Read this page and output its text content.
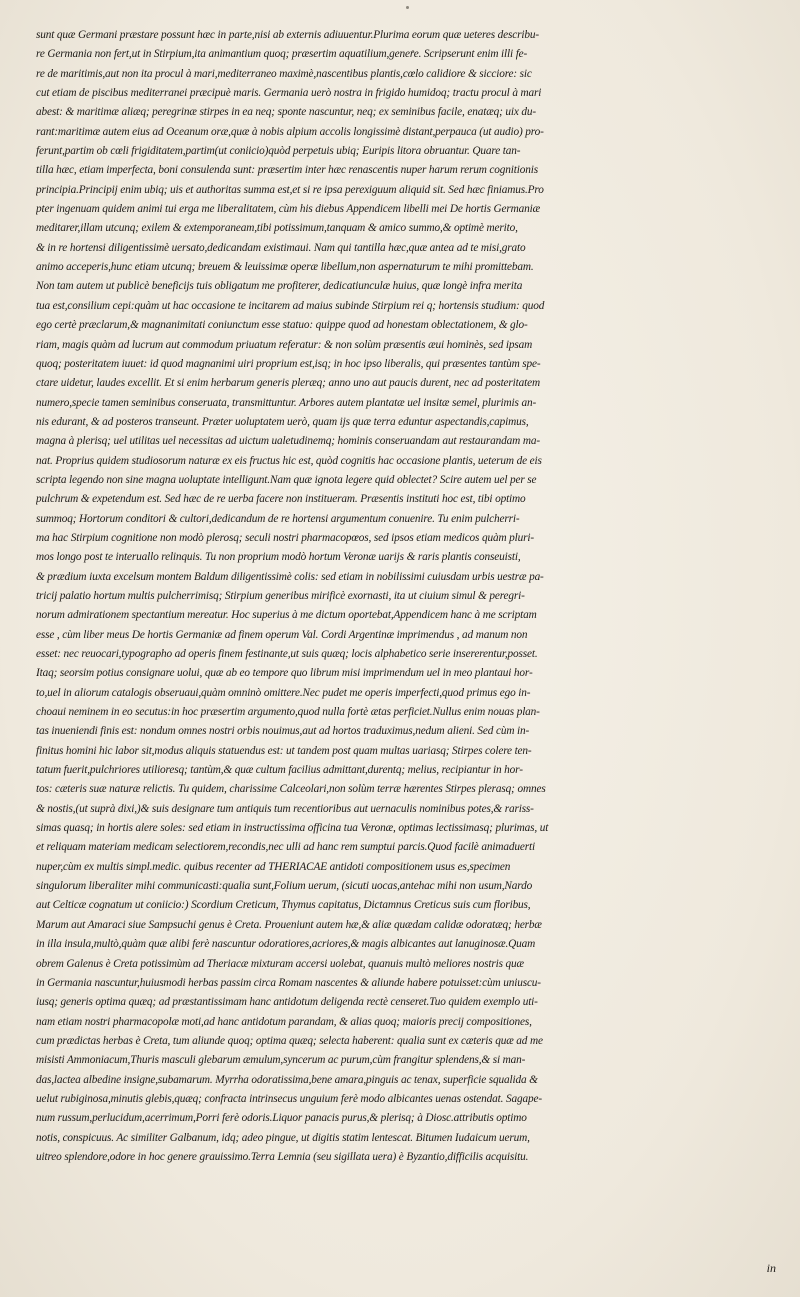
sunt quæ Germani præstare possunt hæc in parte,nisi ab externis adiuuentur.Plurima eorum quæ ueteres describu-
re Germania non fert,ut in Stirpium,ita animantium quoq; præsertim aquatilium,genere. Scripserunt enim illi fe-
re de maritimis,aut non ita procul à mari,mediterraneo maximè,nascentibus plantis,cœlo calidiore & sicciore: sic
cut etiam de piscibus mediterranei præcipuè maris. Germania uerò nostra in frigido humidoq; tractu procul à mari
abest: & maritimæ aliæq; peregrinæ stirpes in ea neq; sponte nascuntur, neq; ex seminibus facile, enatæq; uix du-
rant:maritimæ autem eius ad Oceanum oræ,quæ à nobis alpium accolis longissimè distant,perpauca (ut audio) pro-
ferunt,partim ob cœli frigiditatem,partim(ut coniicio)quòd perpetuis ubiq; Euripis litora obruantur. Quare tan-
tilla hæc, etiam imperfecta, boni consulenda sunt: præsertim inter hæc renascentis nuper harum rerum cognitionis
principia.Principij enim ubiq; uis et authoritas summa est,et si re ipsa perexiguum aliquid sit. Sed hæc finiamus.Pro
pter ingenuam quidem animi tui erga me liberalitatem, cùm his diebus Appendicem libelli mei De hortis Germaniæ
meditarer,illam utcunq; exilem & extemporaneam,tibi potissimum,tanquam & amico summo,& optimè merito,
& in re hortensi diligentissimè uersato,dedicandam existimaui. Nam qui tantilla hæc,quæ antea ad te misi,grato
animo acceperis,hunc etiam utcunq; breuem & leuissimæ operæ libellum,non aspernaturum te mihi promittebam.
Non tam autem ut publicè beneficijs tuis obligatum me profiterer, dedicatiunculæ huius, quæ longè infra merita
tua est,consilium cepi:quàm ut hac occasione te incitarem ad maius subinde Stirpium rei q; hortensis studium: quod
ego certè præclarum,& magnanimitati coniunctum esse statuo: quippe quod ad honestam oblectationem, & glo-
riam, magis quàm ad lucrum aut commodum priuatum referatur: & non solùm præsentis æui hominès, sed ipsam
quoq; posteritatem iuuet: id quod magnanimi uiri proprium est,isq; in hoc ipso liberalis, qui præsentes tantùm spe-
ctare uidetur, laudes excellit. Et si enim herbarum generis pleræq; anno uno aut paucis durent, nec ad posteritatem
numero,specie tamen seminibus conseruata, transmittuntur. Arbores autem plantatæ uel insitæ semel, plurimis an-
nis edurant, & ad posteros transeunt. Præter uoluptatem uerò, quam ijs quæ terra eduntur aspectandis,capimus,
magna à plerisq; uel utilitas uel necessitas ad uictum ualetudinemq; hominis conseruandam aut restaurandam ma-
nat. Proprius quidem studiosorum naturæ ex eis fructus hic est, quòd cognitis hac occasione plantis, ueterum de eis
scripta legendo non sine magna uoluptate intelligunt.Nam quæ ignota legere quid oblectet? Scire autem uel per se
pulchrum & expetendum est. Sed hæc de re uerba facere non institueram. Præsentis instituti hoc est, tibi optimo
summoq; Hortorum conditori & cultori,dedicandum de re hortensi argumentum conuenire. Tu enim pulcherri-
ma hac Stirpium cognitione non modò plerosq; seculi nostri pharmacopœos, sed ipsos etiam medicos quàm pluri-
mos longo post te interuallo relinquis. Tu non proprium modò hortum Veronæ uarijs & raris plantis conseuisti,
& prædium iuxta excelsum montem Baldum diligentissimè colis: sed etiam in nobilissimi cuiusdam urbis uestræ pa-
tricij palatio hortum multis pulcherrimisq; Stirpium generibus mirificè exornasti, ita ut ciuium simul & peregri-
norum admirationem spectantium mereatur. Hoc superius à me dictum oportebat,Appendicem hanc à me scriptam
esse , cùm liber meus De hortis Germaniæ ad finem operum Val. Cordi Argentinæ imprimendus , ad manum non
esset: nec reuocari,typographo ad operis finem festinante,ut suis quæq; locis alphabetico serie insererentur,posset.
Itaq; seorsim potius consignare uolui, quæ ab eo tempore quo librum misi imprimendum uel in meo plantaui hor-
to,uel in aliorum catalogis obseruaui,quàm omninò omittere.Nec pudet me operis imperfecti,quod primus ego in-
choaui neminem in eo secutus:in hoc præsertim argumento,quod nulla fortè ætas perficiet.Nullus enim nouas plan-
tas inueniendi finis est: nondum omnes nostri orbis nouimus,aut ad hortos traduximus,nedum alieni. Sed cùm in-
finitus homini hic labor sit,modus aliquis statuendus est: ut tandem post quam multas uariasq; Stirpes colere ten-
tatum fuerit,pulchriores utilioresq; tantùm,& quæ cultum facilius admittant,durentq; melius, recipiantur in hor-
tos: cæteris suæ naturæ relictis. Tu quidem, charissime Calceolari,non solùm terræ hærentes Stirpes plerasq; omnes
& nostis,(ut suprà dixi,)& suis designare tum antiquis tum recentioribus aut uernaculis nominibus potes,& rariss-
simas quasq; in hortis alere soles: sed etiam in instructissima officina tua Veronæ, optimas lectissimasq; plurimas, ut
et reliquam materiam medicam selectiorem,recondis,nec ulli ad hanc rem sumptui parcis.Quod facilè animaduerti
nuper,cùm ex multis simpl.medic. quibus recenter ad THERIACAE antidoti compositionem usus es,specimen
singulorum liberaliter mihi communicasti:qualia sunt,Folium uerum, (sicuti uocas,antehac mihi non usum,Nardo
aut Celticæ cognatum ut coniicio:) Scordium Creticum, Thymus capitatus, Dictamnus Creticus suis cum floribus,
Marum aut Amaraci siue Sampsuchi genus è Creta. Proueniunt autem hæ,& aliæ quædam calidæ odoratæq; herbæ
in illa insula,multò,quàm quæ alibi ferè nascuntur odoratiores,acriores,& magis albicantes aut lanuginosæ.Quam
obrem Galenus è Creta potissimùm ad Theriacæ mixturam accersi uolebat, quanuis multò meliores nostris quæ
in Germania nascuntur,huiusmodi herbas passim circa Romam nascentes & aliunde habere potuisset:cùm uniuscu-
iusq; generis optima quæq; ad præstantissimam hanc antidotum deligenda rectè censeret.Tuo quidem exemplo uti-
nam etiam nostri pharmacopolæ moti,ad hanc antidotum parandam, & alias quoq; maioris precij compositiones,
cum prædictas herbas è Creta, tum aliunde quoq; optima quæq; selecta haberent: qualia sunt ex cæteris quæ ad me
misisti Ammoniacum,Thuris masculi glebarum æmulum,syncerum ac purum,cùm frangitur splendens,& si man-
das,lactea albedine insigne,subamarum. Myrrha odoratissima,bene amara,pinguis ac tenax, superficie squalida &
uelut rubiginosa,minutis glebis,quæq; confracta intrinsecus unguium ferè modo albicantes uenas ostendat. Sagape-
num russum,perlucidum,acerrimum,Porri ferè odoris.Liquor panacis purus,& plerisq; à Diosc.attributis optimo
notis, conspicuus. Ac similiter Galbanum, idq; adeo pingue, ut digitis statim lentescat. Bitumen Iudaicum uerum,
uitreo splendore,odore in hoc genere grauissimo.Terra Lemnia (seu sigillata uera) è Byzantio,difficilis acquisitu.
in
